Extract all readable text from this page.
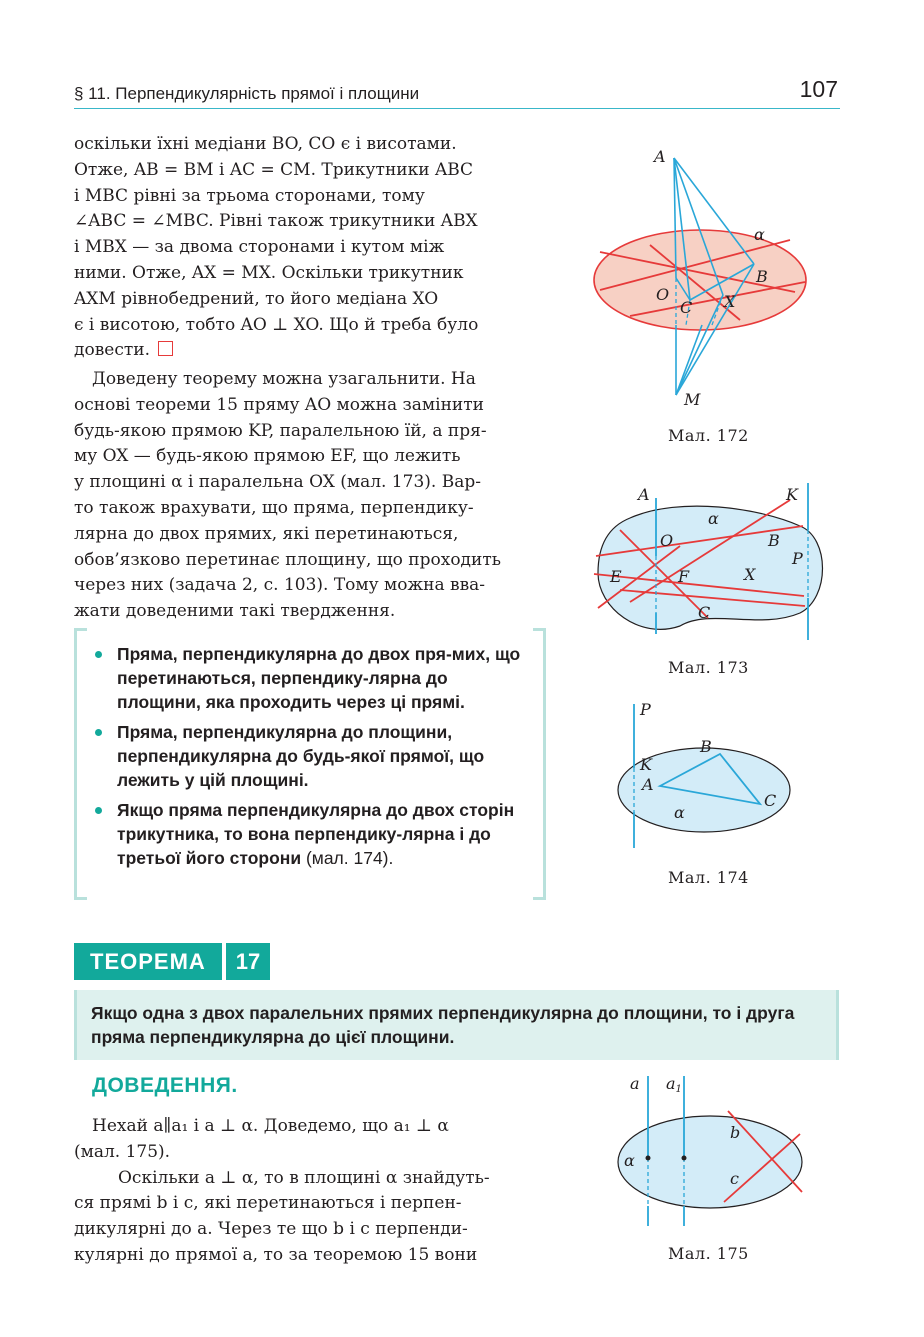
§ 11. Перпендикулярність прямої і площини	107
оскільки їхні медіани BO, CO є і висотами.
Отже, AB = BM і AC = CM. Трикутники ABC
і MBC рівні за трьома сторонами, тому
∠ABC = ∠MBC. Рівні також трикутники ABX
і MBX — за двома сторонами і кутом між
ними. Отже, AX = MX. Оскільки трикутник
AXM рівнобедрений, то його медіана XO
є і висотою, тобто AO ⊥ XO. Що й треба було
довести.
Доведену теорему можна узагальнити. На
основі теореми 15 пряму AO можна замінити
будь-якою прямою KP, паралельною їй, а пря-
му OX — будь-якою прямою EF, що лежить
у площині α і паралельна OX (мал. 173). Вар-
то також врахувати, що пряма, перпендику-
лярна до двох прямих, які перетинаються,
обов’язково перетинає площину, що проходить
через них (задача 2, с. 103). Тому можна вва-
жати доведеними такі твердження.
Пряма, перпендикулярна до двох пря-мих, що перетинаються, перпендику-лярна до площини, яка проходить через ці прямі.
Пряма, перпендикулярна до площини, перпендикулярна до будь-якої прямої, що лежить у цій площині.
Якщо пряма перпендикулярна до двох сторін трикутника, то вона перпендику-лярна і до третьої його сторони (мал. 174).
ТЕОРЕМА	17
Якщо одна з двох паралельних прямих перпендикулярна до площини, то і друга пряма перпендикулярна до цієї площини.
ДОВЕДЕННЯ.
Нехай a∥a₁ і a ⊥ α. Доведемо, що a₁ ⊥ α
(мал. 175).
Оскільки a ⊥ α, то в площині α знайдуть-
ся прямі b і c, які перетинаються і перпен-
дикулярні до a. Через те що b і c перпенди-
кулярні до прямої a, то за теоремою 15 вони
A
α
B
O
C X
M
Мал. 172
A	K
α
O	B
P
E	F	X
C
Мал. 173
P
B
K
A
C
α
Мал. 174
a a1
b
α
c
Мал. 175
